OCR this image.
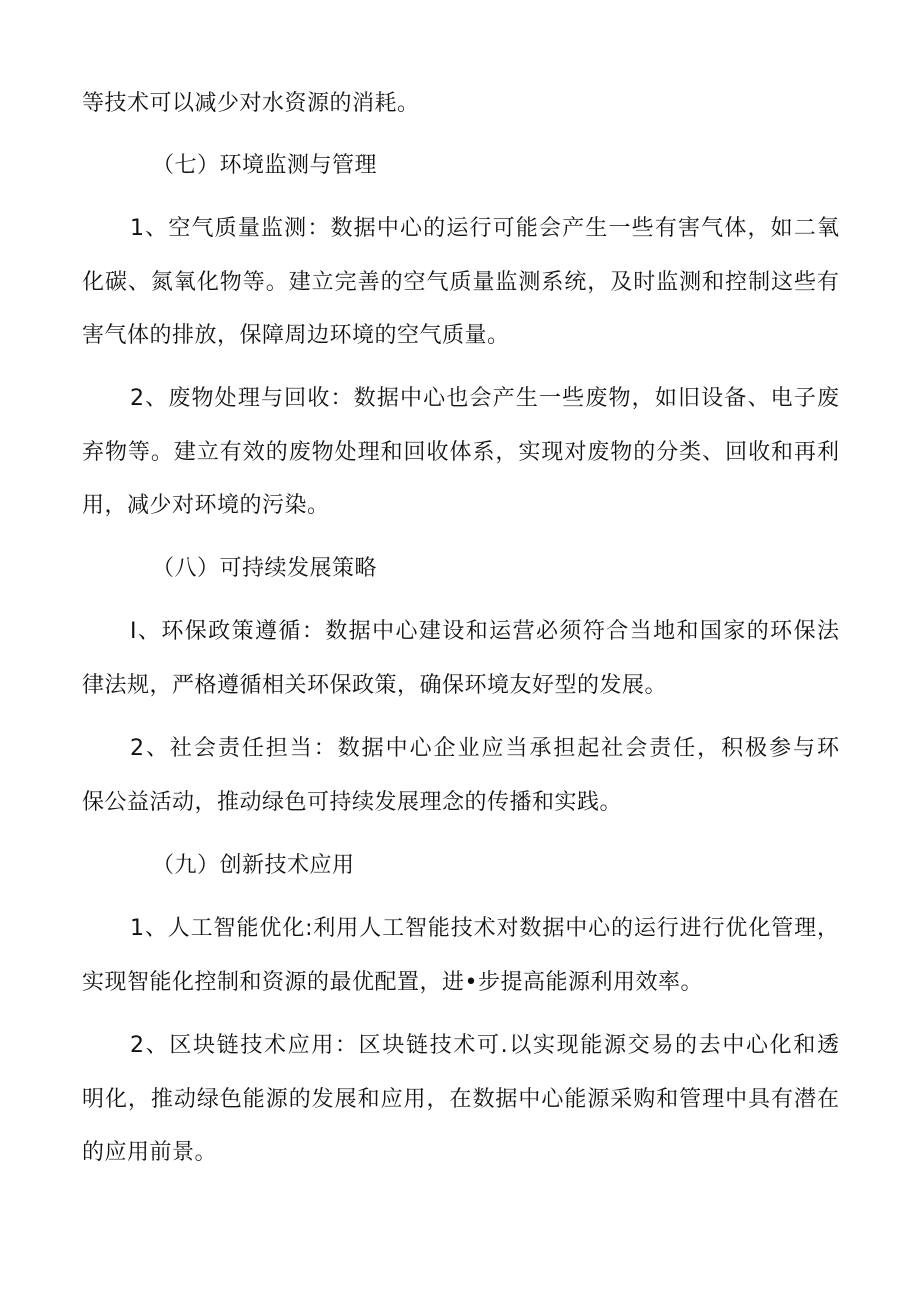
等技术可以减少对水资源的消耗。
（七）环境监测与管理
1、空气质量监测：数据中心的运行可能会产生一些有害气体，如二氧
化碳、氮氧化物等。建立完善的空气质量监测系统，及时监测和控制这些有
害气体的排放，保障周边环境的空气质量。
2、废物处理与回收：数据中心也会产生一些废物，如旧设备、电子废
弃物等。建立有效的废物处理和回收体系，实现对废物的分类、回收和再利
用，减少对环境的污染。
（八）可持续发展策略
I、环保政策遵循：数据中心建设和运营必须符合当地和国家的环保法
律法规，严格遵循相关环保政策，确保环境友好型的发展。
2、社会责任担当：数据中心企业应当承担起社会责任，积极参与环
保公益活动，推动绿色可持续发展理念的传播和实践。
（九）创新技术应用
1、人工智能优化:利用人工智能技术对数据中心的运行进行优化管理，
实现智能化控制和资源的最优配置，进•步提高能源利用效率。
2、区块链技术应用：区块链技术可.以实现能源交易的去中心化和透
明化，推动绿色能源的发展和应用，在数据中心能源采购和管理中具有潜在
的应用前景。
